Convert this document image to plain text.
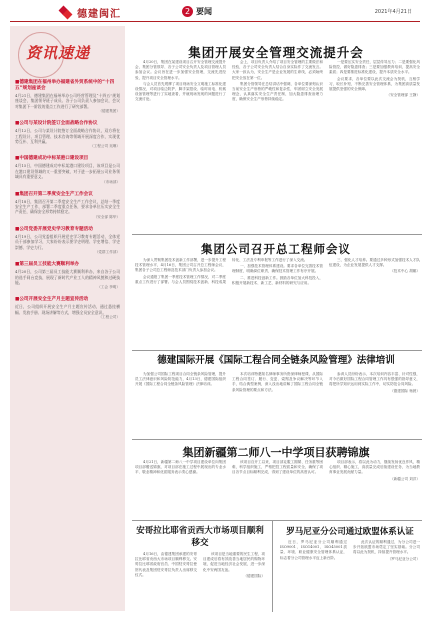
德建闽汇	2 要闻	2021年4月21日
资讯速递
■德建集团在福州举办福建省外贸系统中的“十四五”规划座谈会
4月21日，德建集团在福州举办公司经营管理及“十四五”规划座谈会，集团领导班子成员、各子公司负责人参加会议，会议对集团下一阶段的重点工作进行了研究部署。
（德建集团）
■公司与某设计院签订全面战略合作协议
4月12日，公司与某设计院签订全面战略合作协议，双方将在工程设计、项目管理、技术咨询等领域开展深度合作，实现优势互补、互利共赢。
（工程公司 吴琳）
■中国德建成功中标某港口建设项目
4月15日，中国德建成功中标某港口建设项目，该项目是公司在港口建设领域的又一重要突破，对于进一步拓展公司业务领域具有重要意义。
（市场部）
■集团召开第二季度安全生产工作会议
4月18日，集团召开第二季度安全生产工作会议，总结一季度安全生产工作，部署二季度重点任务，要求各单位压实安全生产责任，确保安全形势持续稳定。
（安全部 陈华）
■公司党委开展党史学习教育专题活动
4月19日，公司党委组织开展党史学习教育专题活动，全体党员干部参加学习，大家纷纷表示要学史明理、学史增信、学史崇德、学史力行。
（党群工作部）
■第三届员工技能大赛顺利举办
4月20日，公司第三届员工技能大赛顺利举办，来自各子公司的选手同台竞技，展现了新时代产业工人的精神风貌和过硬技能。
（工会 李明）
■公司开展安全生产月主题宣传活动
近日，公司组织开展安全生产月主题宣传活动，通过悬挂横幅、发放手册、现场讲解等方式，增强全员安全意识。
（工程公司）
集团开展安全管理交流提升会

4月20日，集团在某建设项目召开安全管理交流提升会，集团分管领导、各子公司安全负责人及项目管理人员参加会议。会议旨在进一步加强安全管理，交流先进经验，提升项目安全管理水平。

与会人员首先观摩了项目现场安全文明施工标准化建设情况，对项目临边防护、脚手架搭设、临时用电、机械设备管理等进行了实地查看，并就现场发现的问题进行了交流讨论。

会上，项目负责人介绍了项目安全管理的主要做法和经验，各子公司安全负责人结合自身实际作了交流发言。大家一致认为，安全生产是企业发展的生命线，必须始终把安全放在第一位。

集团分管领导在总结讲话中强调，各单位要深刻认识当前安全生产形势的严峻性和复杂性，牢固树立安全发展理念，认真落实安全生产责任制，加大隐患排查治理力度，确保安全生产形势持续稳定。

一是要压实安全责任，层层传导压力；二是要强化风险管控，做好隐患排查；三是要加强教育培训，提高安全素质；四是要推进标准化建设，提升本质安全水平。

会议要求，各单位要以此次交流会为契机，互相学习，取长补短，不断完善安全管理体系，为集团高质量发展提供坚强的安全保障。

（安全管理部 王静）

集团公司召开总工程师会议

为深入贯彻集团技术创新工作部署，进一步提升工程技术管理水平，4月16日，集团公司召开总工程师会议，集团各子公司总工程师及技术部门负责人参加会议。

会议通报了集团一季度技术管理工作情况，对二季度重点工作进行了部署。与会人员围绕技术创新、科技成果转化、工法及专利申报等工作进行了深入交流。

一、加强技术管理体系建设。要求各单位完善技术管理制度，明确岗位职责，确保技术管理工作有序开展。

二、推进科技创新工作。鼓励各单位加大科技投入，积极开展新技术、新工艺、新材料的研究与应用。

三、强化人才培养。要通过多种形式加强技术人才队伍建设，为企业发展提供人才支撑。

（技术中心 胡娜）

德建国际开展《国际工程合同全链条风险管理》法律培训

为加强公司国际工程项目合同全链条风险管理，提升员工法律意识和风险防范能力，4月13日，德建国际组织开展《国际工程合同全链条风险管理》法律培训。

本次培训特邀知名律师事务所资深律师授课，从国际工程合同签订、履行、变更、索赔及争议解决等环节入手，结合典型案例，深入浅出地讲解了国际工程合同全链条风险管理的要点和方法。

参训人员纷纷表示，本次培训内容丰富、针对性强，对今后做好国际工程合同管理工作具有很强的指导意义，将把所学知识运用到实际工作中，切实防范合同风险。

（德建国际 杨晨）

集团新疆第二师八一中学项目获聘锦旗

4月21日，新疆第二师八一中学项目建设单位向集团项目部赠送锦旗，对项目部在施工过程中展现出的专业水平、敬业精神和优质服务表示衷心感谢。

该项目自开工以来，项目部克服工期紧、任务重等困难，科学组织施工，严格把控工程质量和安全，确保了项目各节点目标顺利完成，得到了建设单位的高度认可。

项目部表示，将以此为动力，继续发扬优良作风，精心组织、精心施工，高质量完成后续建设任务，为当地教育事业发展贡献力量。

（新疆公司 刘洋）

安哥拉比耶省贡西大市场项目顺利移交

4月16日，由德建集团承建的安哥拉比耶省贡西大市场项目顺利移交。安哥拉比耶省政府官员、中国驻安哥拉使馆代表及集团驻安哥拉负责人出席移交仪式。

该项目是当地重要的民生工程，项目建成后将有效改善当地居民的购物环境，促进当地经济社会发展，进一步深化中安两国友谊。

（德建国际）

罗马尼亚分公司通过欧盟体系认证

近日，罗马尼亚分公司顺利通过ISO9001、ISO14001、ISO45001质量、环境、职业健康安全管理体系认证，标志着分公司管理水平迈上新台阶。

此次认证的顺利通过，为分公司进一步开拓欧盟市场奠定了坚实基础。分公司将以此为契机，持续提升管理水平。

（罗马尼亚分公司）
